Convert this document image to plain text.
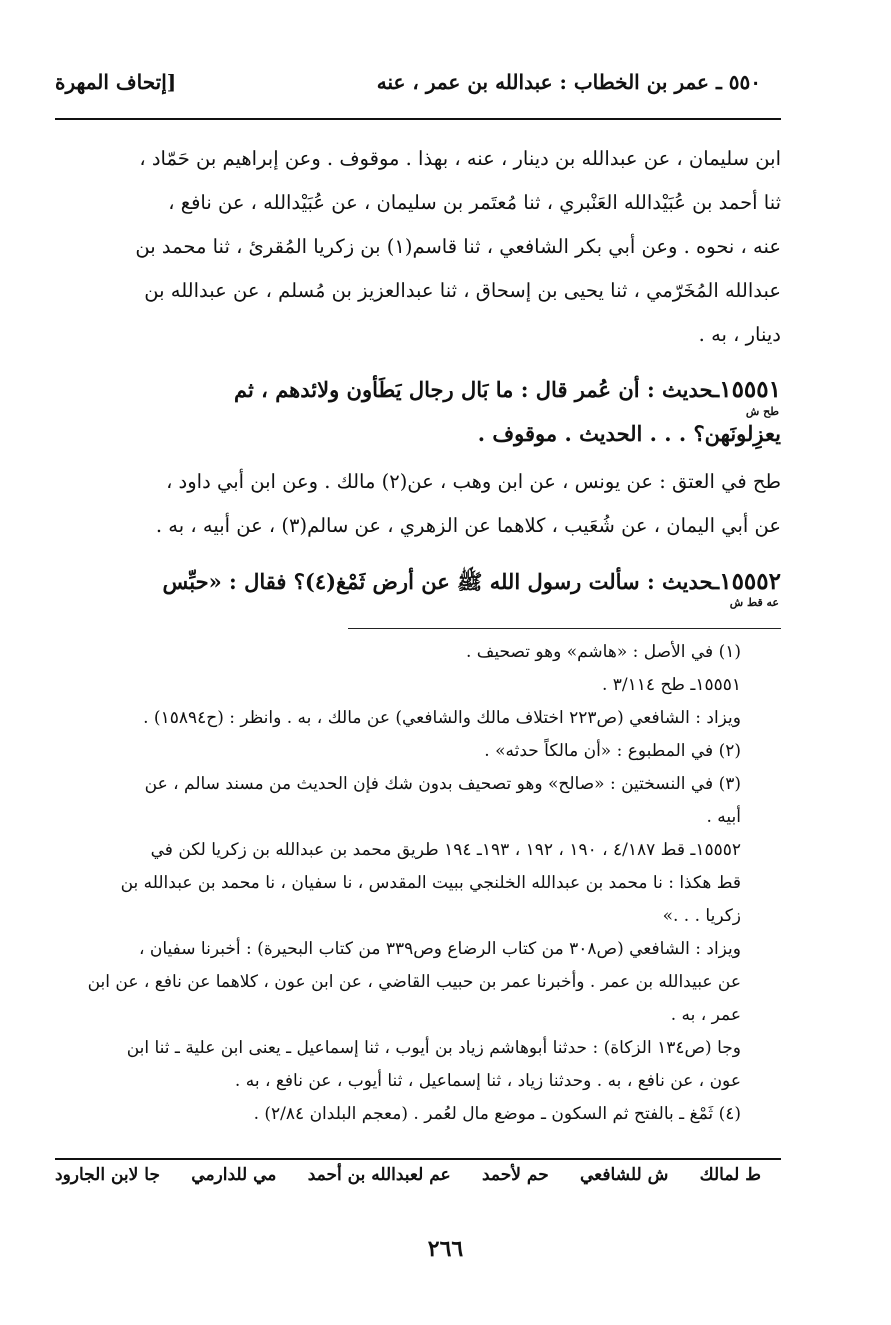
٥٥٠ ـ عمر بن الخطاب : عبدالله بن عمر ، عنه
[إتحاف المهرة
ابن سليمان ، عن عبدالله بن دينار ، عنه ، بهذا . موقوف . وعن إبراهيم بن حَمّاد ،
ثنا أحمد بن عُبَيْدالله العَنْبري ، ثنا مُعتَمر بن سليمان ، عن عُبَيْدالله ، عن نافع ،
عنه ، نحوه . وعن أبي بكر الشافعي ، ثنا قاسم(١) بن زكريا المُقرئ ، ثنا محمد بن
عبدالله المُخَرّمي ، ثنا يحيى بن إسحاق ، ثنا عبدالعزيز بن مُسلم ، عن عبدالله بن
دينار ، به .
١٥٥٥١ـحديث : أن عُمر قال : ما بَال رجال يَطَأون ولائدهم ، ثم
يعزِلونَهن؟ . . . الحديث . موقوف .
طح ش
طح في العتق : عن يونس ، عن ابن وهب ، عن(٢) مالك . وعن ابن أبي داود ،
عن أبي اليمان ، عن شُعَيب ، كلاهما عن الزهري ، عن سالم(٣) ، عن أبيه ، به .
١٥٥٥٢ـحديث : سألت رسول الله ﷺ عن أرض ثَمْغ(٤)؟ فقال : «حبِّس
عه قط ش

(١) في الأصل : «هاشم» وهو تصحيف .

١٥٥٥١ـ طح ٣/١١٤ .

ويزاد : الشافعي (ص٢٢٣ اختلاف مالك والشافعي) عن مالك ، به . وانظر : (ح١٥٨٩٤) .

(٢) في المطبوع : «أن مالكاً حدثه» .

(٣) في النسختين : «صالح» وهو تصحيف بدون شك فإن الحديث من مسند سالم ، عن

أبيه .

١٥٥٥٢ـ قط ٤/١٨٧ ، ١٩٠ ، ١٩٢ ، ١٩٣ـ ١٩٤ طريق محمد بن عبدالله بن زكريا لكن في

قط هكذا : نا محمد بن عبدالله الخلنجي ببيت المقدس ، نا سفيان ، نا محمد بن عبدالله بن

زكريا . . .»

ويزاد : الشافعي (ص٣٠٨ من كتاب الرضاع وص٣٣٩ من كتاب البحيرة) : أخبرنا سفيان ،

عن عبيدالله بن عمر . وأخبرنا عمر بن حبيب القاضي ، عن ابن عون ، كلاهما عن نافع ، عن ابن

عمر ، به .

وجا (ص١٣٤ الزكاة) : حدثنا أبوهاشم زياد بن أيوب ، ثنا إسماعيل ـ يعنى ابن علية ـ ثنا ابن

عون ، عن نافع ، به . وحدثنا زياد ، ثنا إسماعيل ، ثنا أيوب ، عن نافع ، به .

(٤) ثَمْغ ـ بالفتح ثم السكون ـ موضع مال لعُمر . (معجم البلدان ٢/٨٤) .

ط لمالك
ش للشافعي
حم لأحمد
عم لعبدالله بن أحمد
مي للدارمي
جا لابن الجارود
٢٦٦
